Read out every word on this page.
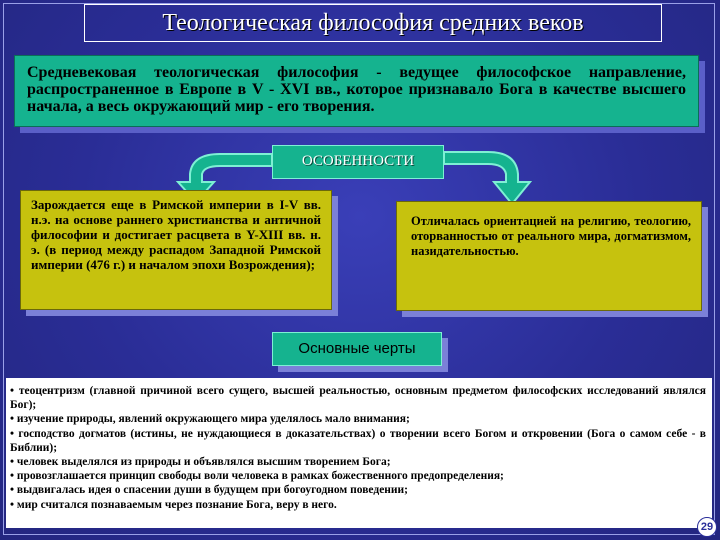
Теологическая философия средних веков
Средневековая теологическая философия - ведущее философское направление, распространенное в Европе в V - XVI вв., которое признавало Бога в качестве высшего начала, а весь окружающий мир - его творения.
ОСОБЕННОСТИ
Зарождается еще в Римской империи в I-V вв. н.э. на основе раннего христианства и античной философии и достигает расцвета в Y-XIII вв. н. э. (в период между распадом Западной Римской империи (476 г.) и началом эпохи Возрождения);
Отличалась ориентацией на религию, теологию, оторванностью от реального мира, догматизмом, назидательностью.
Основные черты
• теоцентризм (главной причиной всего сущего, высшей реальностью, основным предметом философских исследований являлся Бог);
• изучение природы, явлений окружающего мира уделялось мало внимания;
• господство догматов (истины, не нуждающиеся в доказательствах) о творении всего Богом и откровении (Бога о самом себе - в Библии);
• человек выделялся из природы и объявлялся высшим творением Бога;
• провозглашается принцип свободы воли человека в рамках божественного предопределения;
• выдвигалась идея о спасении души в будущем при богоугодном поведении;
• мир считался познаваемым через познание Бога, веру в него.
29
